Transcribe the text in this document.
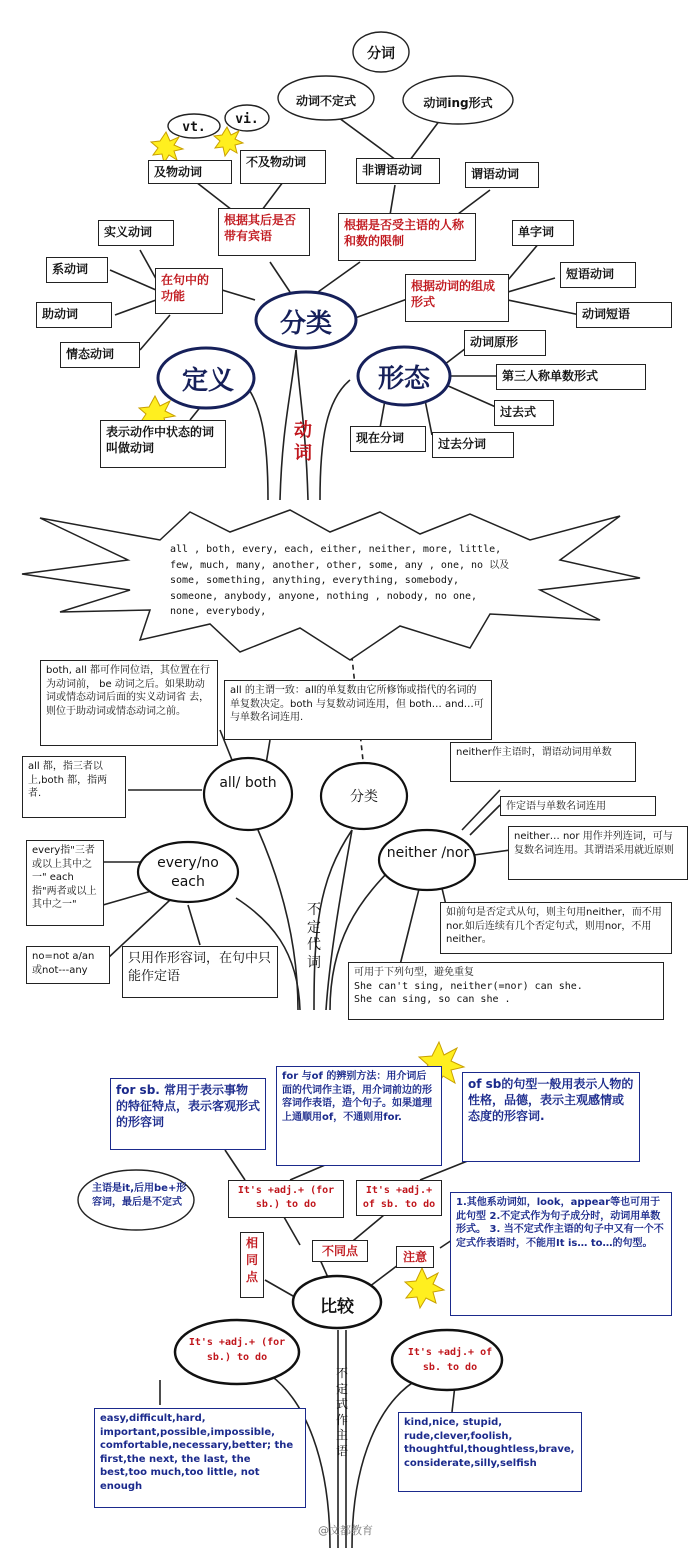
分词
动词不定式	动词ing形式
vt.
vi.
及物动词
不及物动词
非谓语动词	谓语动词
根据其后是否带有宾语
根据是否受主语的人称和数的限制
实义动词
系动词
助动词
情态动词
在句中的功能
单字词
短语动词
动词短语
根据动词的组成形式
分类
定义	形态
动词原形
第三人称单数形式
过去式
过去分词
现在分词
表示动作中状态的词叫做动词
动词
all , both, every, each, either, neither, more, little, few, much, many, another, other, some, any , one, no 以及some, something, anything, everything, somebody, someone, anybody, anyone, nothing , nobody, no one, none, everybody,
both, all 都可作同位语，其位置在行为动词前， be 动词之后。如果助动词或情态动词后面的实义动词省 去，则位于助动词或情态动词之前。
all 的主谓一致：all的单复数由它所修饰或指代的名词的单复数决定。both 与复数动词连用，但 both… and…可与单数名词连用.
all 都，指三者以上,both 都，指两者.
all/ both
分类
every/no each
neither /nor
neither作主语时，谓语动词用单数
作定语与单数名词连用
neither… nor 用作并列连词，可与复数名词连用。其谓语采用就近原则
every指"三者或以上其中之一" each指"两者或以上其中之一"
no=not a/an或not---any
只用作形容词，在句中只能作定语
如前句是否定式从句，则主句用neither，而不用 nor.如后连续有几个否定句式，则用nor，不用neither。
可用于下列句型，避免重复
She can't sing, neither(=nor) can she.
She can sing, so can she .
不定代词
for sb. 常用于表示事物的特征特点，表示客观形式的形容词
for 与of 的辨别方法：用介词后面的代词作主语，用介词前边的形容词作表语，造个句子。如果道理上通顺用of，不通则用for.
of sb的句型一般用表示人物的性格，品德，表示主观感情或态度的形容词.
It's +adj.+ (for sb.) to do
It's +adj.+ of sb. to do
主语是it,后用be+形容词，最后是不定式
相同点
不同点	注意
1.其他系动词如，look，appear等也可用于此句型 2.不定式作为句子成分时，动词用单数形式。 3. 当不定式作主语的句子中又有一个不定式作表语时，不能用It is… to…的句型。
比较
It's +adj.+ (for sb.) to do	It's +adj.+ of sb. to do
easy,difficult,hard, important,possible,impossible, comfortable,necessary,better; the first,the next, the last, the best,too much,too little, not enough
kind,nice, stupid, rude,clever,foolish, thoughtful,thoughtless,brave, considerate,silly,selfish
不定式作主语
@文都教育
